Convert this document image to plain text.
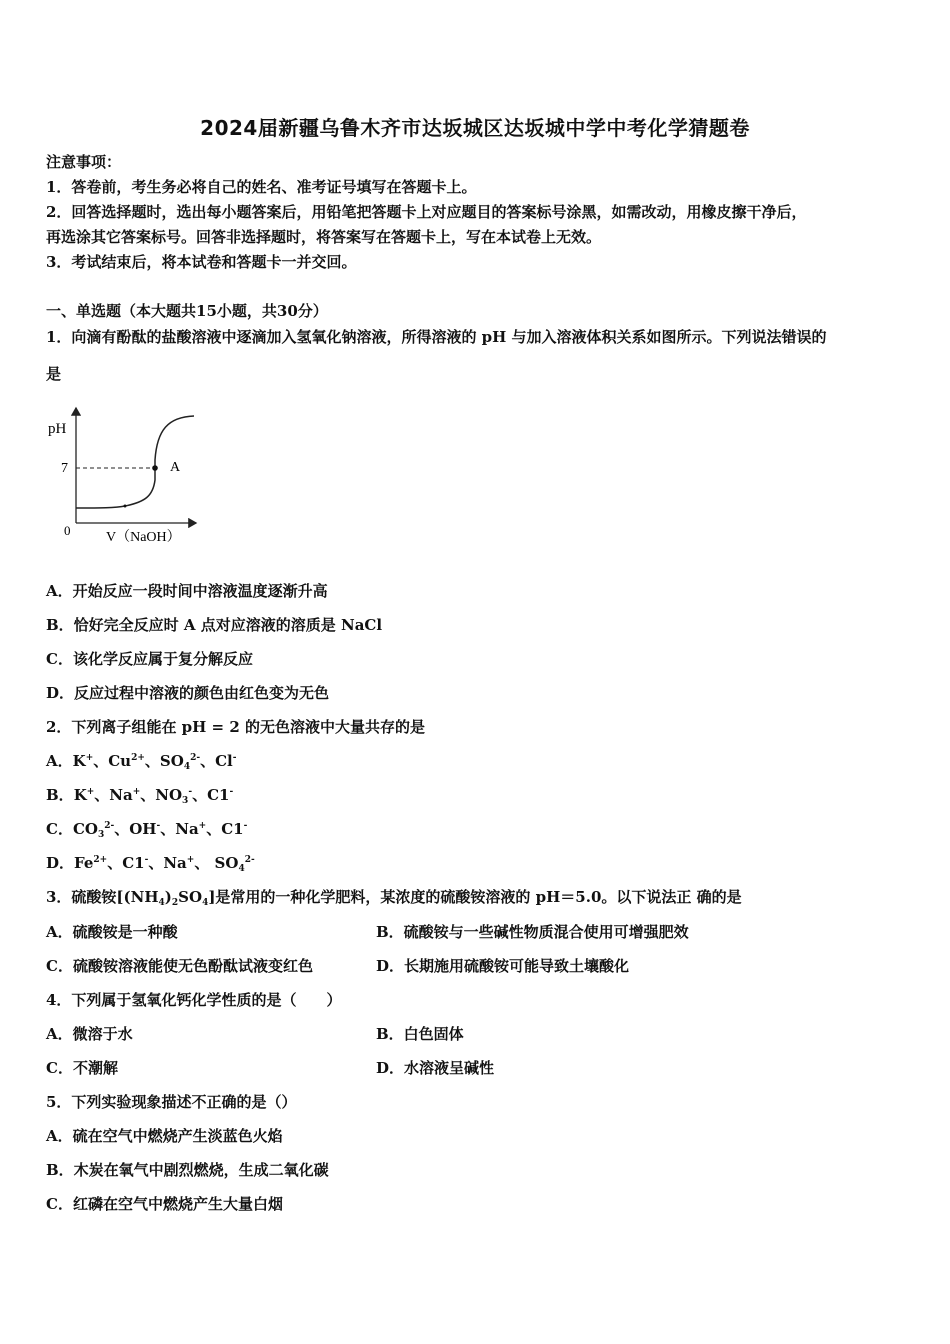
2024届新疆乌鲁木齐市达坂城区达坂城中学中考化学猜题卷
注意事项：
1．答卷前，考生务必将自己的姓名、准考证号填写在答题卡上。
2．回答选择题时，选出每小题答案后，用铅笔把答题卡上对应题目的答案标号涂黑，如需改动，用橡皮擦干净后，
再选涂其它答案标号。回答非选择题时，将答案写在答题卡上，写在本试卷上无效。
3．考试结束后，将本试卷和答题卡一并交回。
一、单选题（本大题共15小题，共30分）
1．向滴有酚酞的盐酸溶液中逐滴加入氢氧化钠溶液，所得溶液的 pH 与加入溶液体积关系如图所示。下列说法错误的
是
pH
7
0
A
V（NaOH）
A．开始反应一段时间中溶液温度逐渐升高
B．恰好完全反应时 A 点对应溶液的溶质是 NaCl
C．该化学反应属于复分解反应
D．反应过程中溶液的颜色由红色变为无色
2．下列离子组能在 pH = 2 的无色溶液中大量共存的是
A．K+、$Cu^{2+}$、$SO_4^{2-}$、Cl-
B．K+、Na+、$NO_3^-$、C1-
C．$CO_3^{2-}$、OH-、Na+、C1-
D．$Fe^{2+}$、C1-、Na+、 $SO_4^{2-}$
3．硫酸铵$[(NH_4)_2SO_4]$是常用的一种化学肥料，某浓度的硫酸铵溶液的 pH＝5.0。以下说法正 确的是
A．硫酸铵是一种酸	B．硫酸铵与一些碱性物质混合使用可增强肥效
C．硫酸铵溶液能使无色酚酞试液变红色	D．长期施用硫酸铵可能导致土壤酸化
4．下列属于氢氧化钙化学性质的是（　　）
A．微溶于水	B．白色固体
C．不潮解	D．水溶液呈碱性
5．下列实验现象描述不正确的是（）
A．硫在空气中燃烧产生淡蓝色火焰
B．木炭在氧气中剧烈燃烧，生成二氧化碳
C．红磷在空气中燃烧产生大量白烟
